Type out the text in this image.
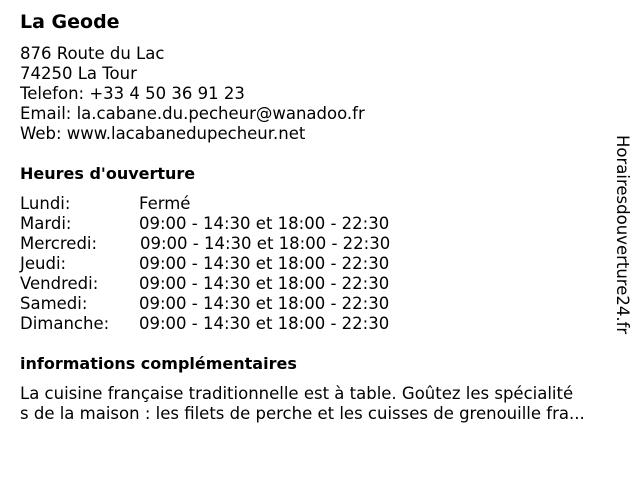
La Geode
876 Route du Lac
74250 La Tour
Telefon: +33 4 50 36 91 23
Email: la.cabane.du.pecheur@wanadoo.fr
Web: www.lacabanedupecheur.net
Heures d'ouverture
Lundi:	Fermé
Mardi:	09:00 - 14:30 et 18:00 - 22:30
Mercredi:	09:00 - 14:30 et 18:00 - 22:30
Jeudi:	09:00 - 14:30 et 18:00 - 22:30
Vendredi: 09:00 - 14:30 et 18:00 - 22:30
Samedi:	09:00 - 14:30 et 18:00 - 22:30
Dimanche: 09:00 - 14:30 et 18:00 - 22:30
informations complémentaires
La cuisine française traditionnelle est à table. Goûtez les spécialité
s de la maison : les filets de perche et les cuisses de grenouille fra...
Horairesdouverture24.fr
